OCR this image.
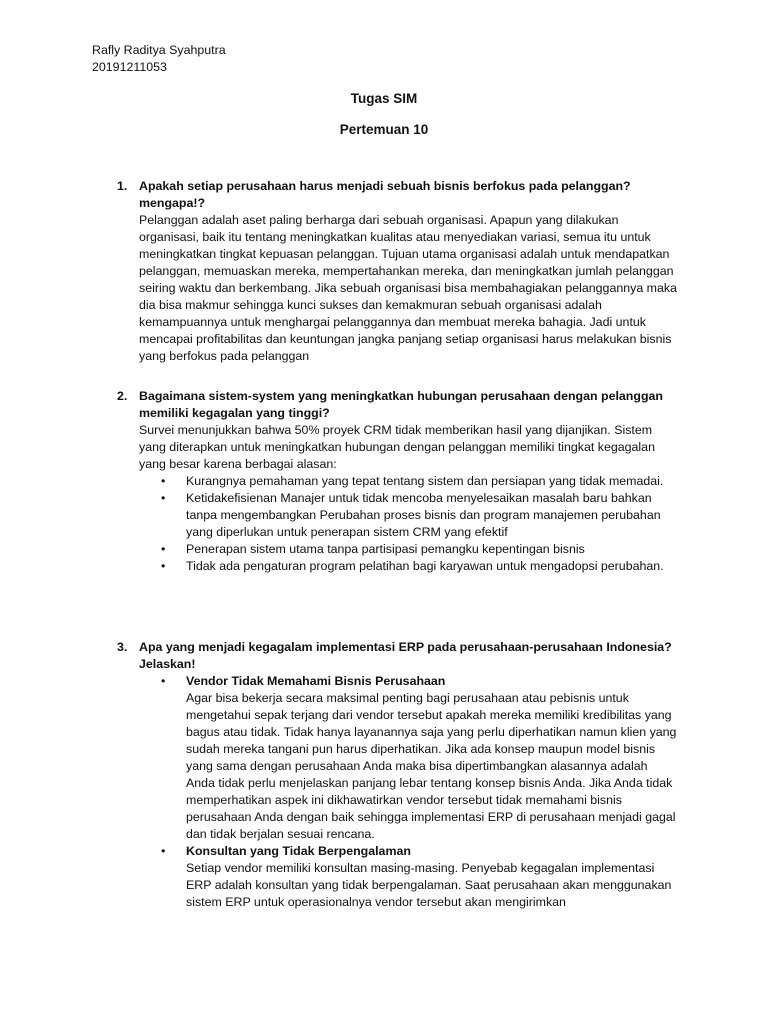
Rafly Raditya Syahputra
20191211053
Tugas SIM
Pertemuan 10
1. Apakah setiap perusahaan harus menjadi sebuah bisnis berfokus pada pelanggan? mengapa!?
Pelanggan adalah aset paling berharga dari sebuah organisasi. Apapun yang dilakukan organisasi, baik itu tentang meningkatkan kualitas atau menyediakan variasi, semua itu untuk meningkatkan tingkat kepuasan pelanggan. Tujuan utama organisasi adalah untuk mendapatkan pelanggan, memuaskan mereka, mempertahankan mereka, dan meningkatkan jumlah pelanggan seiring waktu dan berkembang. Jika sebuah organisasi bisa membahagiakan pelanggannya maka dia bisa makmur sehingga kunci sukses dan kemakmuran sebuah organisasi adalah kemampuannya untuk menghargai pelanggannya dan membuat mereka bahagia. Jadi untuk mencapai profitabilitas dan keuntungan jangka panjang setiap organisasi harus melakukan bisnis yang berfokus pada pelanggan
2. Bagaimana sistem-system yang meningkatkan hubungan perusahaan dengan pelanggan memiliki kegagalan yang tinggi?
Survei menunjukkan bahwa 50% proyek CRM tidak memberikan hasil yang dijanjikan. Sistem yang diterapkan untuk meningkatkan hubungan dengan pelanggan memiliki tingkat kegagalan yang besar karena berbagai alasan:
• Kurangnya pemahaman yang tepat tentang sistem dan persiapan yang tidak memadai.
• Ketidakefisienan Manajer untuk tidak mencoba menyelesaikan masalah baru bahkan tanpa mengembangkan Perubahan proses bisnis dan program manajemen perubahan yang diperlukan untuk penerapan sistem CRM yang efektif
• Penerapan sistem utama tanpa partisipasi pemangku kepentingan bisnis
• Tidak ada pengaturan program pelatihan bagi karyawan untuk mengadopsi perubahan.
3. Apa yang menjadi kegagalam implementasi ERP pada perusahaan-perusahaan Indonesia? Jelaskan!
• Vendor Tidak Memahami Bisnis Perusahaan
Agar bisa bekerja secara maksimal penting bagi perusahaan atau pebisnis untuk mengetahui sepak terjang dari vendor tersebut apakah mereka memiliki kredibilitas yang bagus atau tidak. Tidak hanya layanannya saja yang perlu diperhatikan namun klien yang sudah mereka tangani pun harus diperhatikan. Jika ada konsep maupun model bisnis yang sama dengan perusahaan Anda maka bisa dipertimbangkan alasannya adalah Anda tidak perlu menjelaskan panjang lebar tentang konsep bisnis Anda. Jika Anda tidak memperhatikan aspek ini dikhawatirkan vendor tersebut tidak memahami bisnis perusahaan Anda dengan baik sehingga implementasi ERP di perusahaan menjadi gagal dan tidak berjalan sesuai rencana.
• Konsultan yang Tidak Berpengalaman
Setiap vendor memiliki konsultan masing-masing. Penyebab kegagalan implementasi ERP adalah konsultan yang tidak berpengalaman. Saat perusahaan akan menggunakan sistem ERP untuk operasionalnya vendor tersebut akan mengirimkan
